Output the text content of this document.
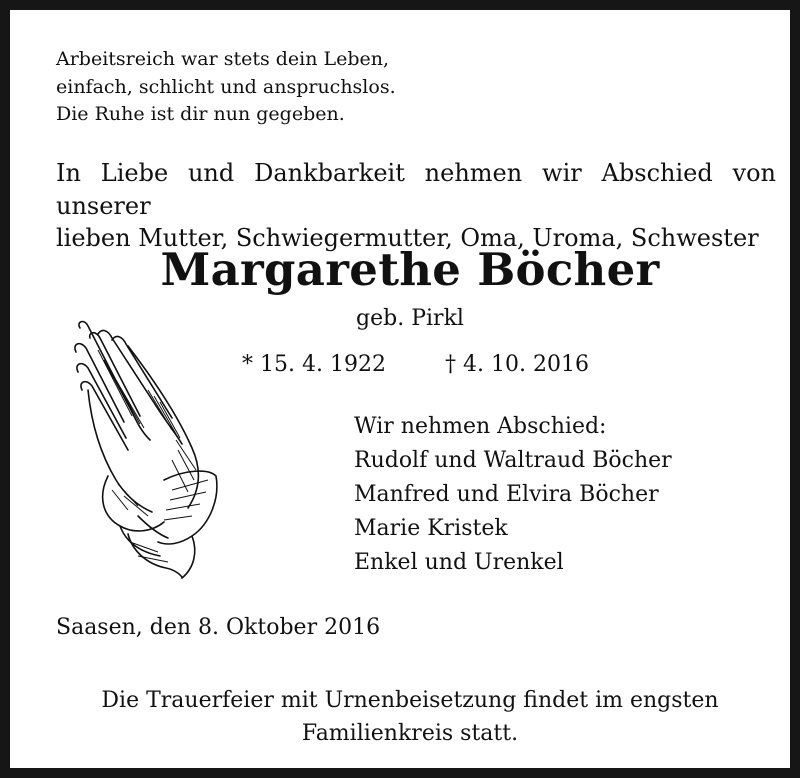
Arbeitsreich war stets dein Leben,
einfach, schlicht und anspruchslos.
Die Ruhe ist dir nun gegeben.
In Liebe und Dankbarkeit nehmen wir Abschied von unserer
lieben Mutter, Schwiegermutter, Oma, Uroma, Schwester
Margarethe Böcher
geb. Pirkl
* 15. 4. 1922	† 4. 10. 2016
Wir nehmen Abschied:
Rudolf und Waltraud Böcher
Manfred und Elvira Böcher
Marie Kristek
Enkel und Urenkel
Saasen, den 8. Oktober 2016
Die Trauerfeier mit Urnenbeisetzung findet im engsten
Familienkreis statt.
